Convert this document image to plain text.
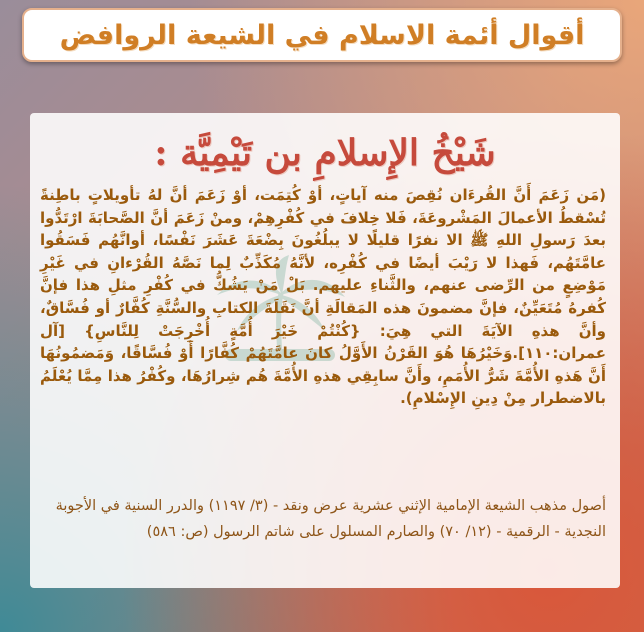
أقوال أئمة الاسلام في الشيعة الروافض
شَيْخُ الإِسلامِ بن تَيْمِيَّة :
(مَن زَعَمَ أَنَّ القُرءَان نُقِصَ منه آياتٍ، أوْ كُتِمَت، أوْ زَعَمَ أنَّ لهُ تأويلاتٍ باطِنةً تُسْقطُ الأعمالَ المَشْروعَةَ، فَلا خِلافَ في كُفْرِهِمْ، ومنْ زَعَمَ أنَّ الصَّحابَةَ ارْتَدُّوا بعدَ رَسولِ اللهِ ﷺ الا نفرًا قليلًا لا يبلُغُونَ بِضْعَةَ عَشَرَ نَفْسًا، أوانَّهُم فَسَقُوا عامَّتَهُم، فَهذا لا رَيْبَ أيضًا في كُفْرِه، لأنَّهُ مُكَذِّبٌ لِما نَصَّهُ القُرْءانِ في غَيْرِ مَوْضِعٍ من الرِّضى عنهم، والثَّناءِ عليهم. بَلْ مَنْ يَشُكُّ في كُفْرِ مثلِ هذا فإنَّ كُفرهُ مُتَعَيِّنٌ، فإنَّ مضمونَ هذه المَقالَةِ أنَّ نَقَلَةَ الكتابِ والسُّنَّةِ كُفَّارٌ أو فُسَّاقٌ، وأنَّ هذهِ الآيَةَ التي هِيَ: {كُنْتُمْ خَيْرَ أُمَّةٍ أُخْرِجَتْ لِلنَّاسِ} [آل عمران:١١٠].وَخَيْرُهَا هُوَ القَرْنُ الأَوَّلُ كانَ عامَّتَهُمْ كُفَّارًا أَوْ فُسَّاقًا، وَمَضمُونُهَا أَنَّ هَذهِ الأُمَّةَ شَرُّ الأُمَمِ، وأَنَّ سابِقِي هذهِ الأُمَّةَ هُم شِرارُهَا، وكُفْرُ هذا مِمَّا يُعْلَمُ بالاضطرار مِنْ دِينِ الإِسْلامِ).
أصول مذهب الشيعة الإمامية الإثني عشرية عرض ونقد - (٣/ ١١٩٧) والدرر السنية في الأجوبة النجدية - الرقمية - (١٢/ ٧٠) والصارم المسلول على شاتم الرسول (ص: ٥٨٦)
